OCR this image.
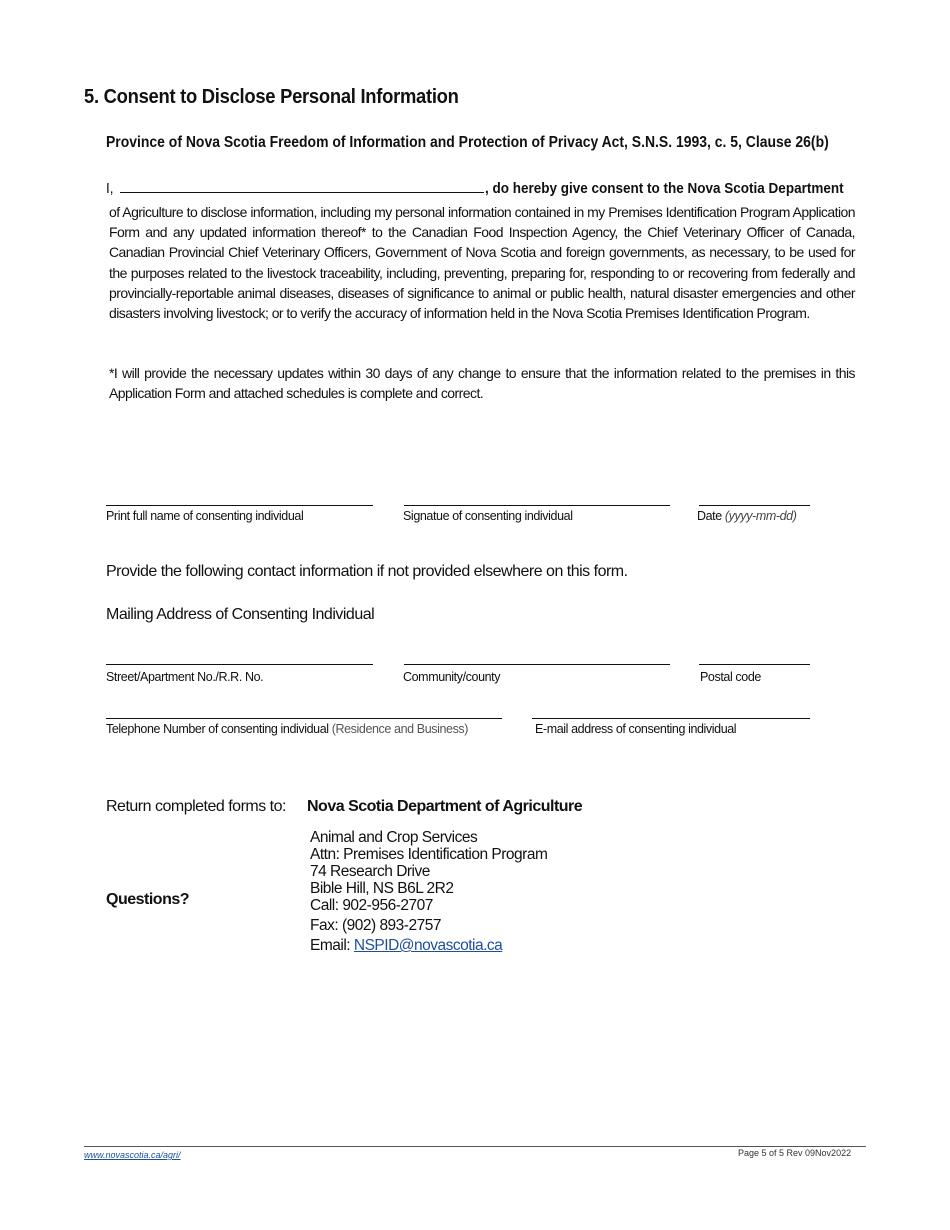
5. Consent to Disclose Personal Information
Province of Nova Scotia Freedom of Information and Protection of Privacy Act, S.N.S. 1993, c. 5, Clause 26(b)
I,	, do hereby give consent to the Nova Scotia Department
of Agriculture to disclose information, including my personal information contained in my Premises Identification Program Application Form and any updated information thereof* to the Canadian Food Inspection Agency, the Chief Veterinary Officer of Canada, Canadian Provincial Chief Veterinary Officers, Government of Nova Scotia and foreign governments, as necessary, to be used for the purposes related to the livestock traceability, including, preventing, preparing for, responding to or recovering from federally and provincially-reportable animal diseases, diseases of significance to animal or public health, natural disaster emergencies and other disasters involving livestock; or to verify the accuracy of information held in the Nova Scotia Premises Identification Program.
*I will provide the necessary updates within 30 days of any change to ensure that the information related to the premises in this Application Form and attached schedules is complete and correct.
Print full name of consenting individual	Signatue of consenting individual	Date (yyyy-mm-dd)
Provide the following contact information if not provided elsewhere on this form.
Mailing Address of Consenting Individual
Street/Apartment No./R.R. No.	Community/county	Postal code
Telephone Number of consenting individual (Residence and Business)	E-mail address of consenting individual
Return completed forms to: Nova Scotia Department of Agriculture
Animal and Crop Services
Attn: Premises Identification Program
74 Research Drive
Bible Hill, NS B6L 2R2
Call: 902-956-2707
Questions?
Fax: (902) 893-2757
Email: NSPID@novascotia.ca
www.novascotia.ca/agri/	Page 5 of 5 Rev 09Nov2022
